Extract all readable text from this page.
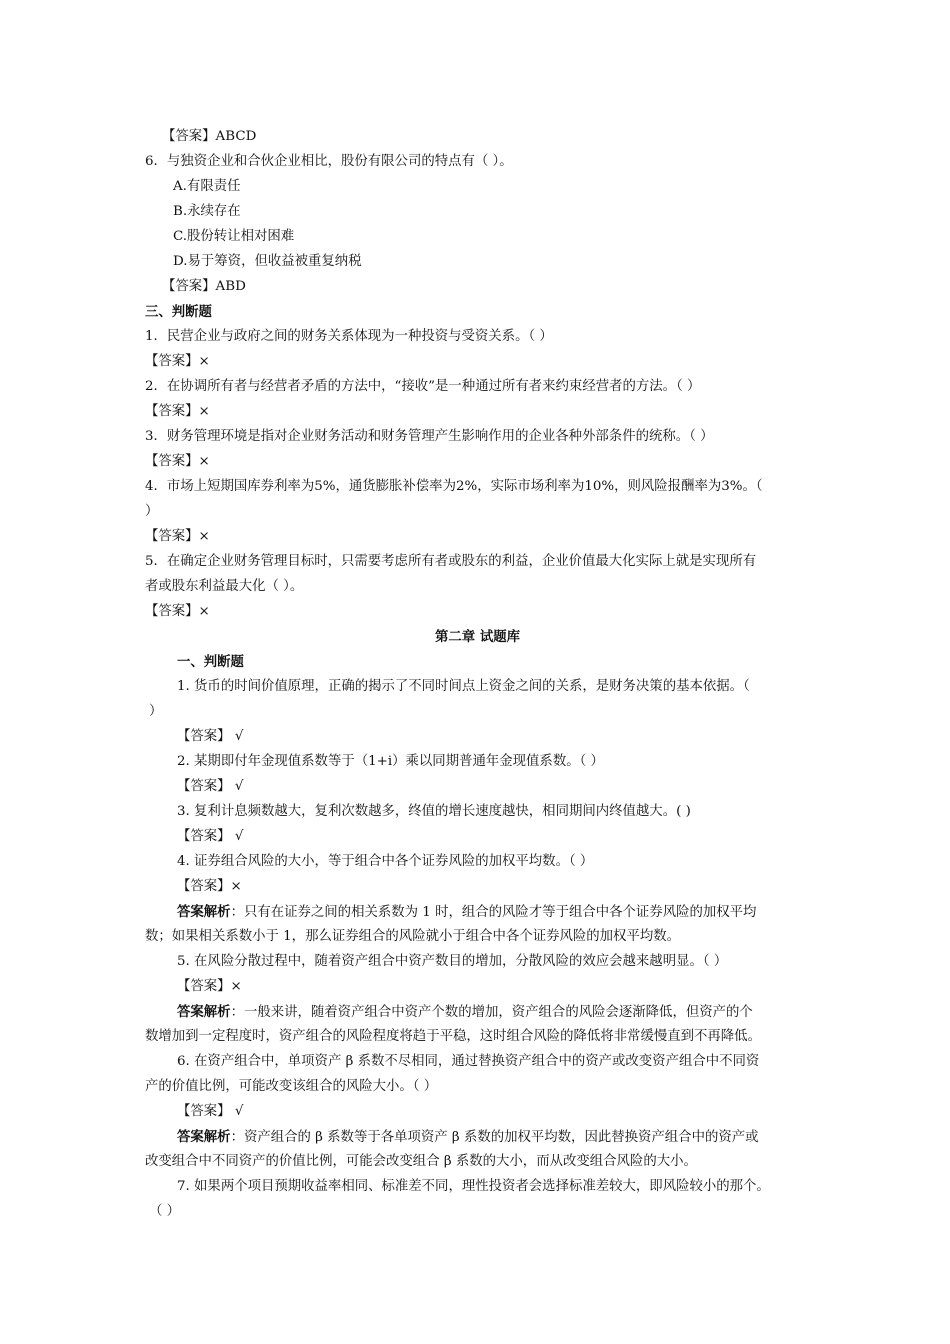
【答案】ABCD
6．与独资企业和合伙企业相比，股份有限公司的特点有（ ）。
A.有限责任
B.永续存在
C.股份转让相对困难
D.易于筹资，但收益被重复纳税
【答案】ABD
三、判断题
1．民营企业与政府之间的财务关系体现为一种投资与受资关系。（ ）
【答案】×
2．在协调所有者与经营者矛盾的方法中，“接收”是一种通过所有者来约束经营者的方法。（ ）
【答案】×
3．财务管理环境是指对企业财务活动和财务管理产生影响作用的企业各种外部条件的统称。（ ）
【答案】×
4．市场上短期国库券利率为5%，通货膨胀补偿率为2%，实际市场利率为10%，则风险报酬率为3%。（
）
【答案】×
5．在确定企业财务管理目标时，只需要考虑所有者或股东的利益，企业价值最大化实际上就是实现所有
者或股东利益最大化（ ）。
【答案】×
第二章 试题库
一、判断题
1. 货币的时间价值原理，正确的揭示了不同时间点上资金之间的关系，是财务决策的基本依据。（
）
【答案】 √
2. 某期即付年金现值系数等于（1+i）乘以同期普通年金现值系数。（ ）
【答案】 √
3. 复利计息频数越大，复利次数越多，终值的增长速度越快，相同期间内终值越大。( )
【答案】 √
4. 证券组合风险的大小，等于组合中各个证券风险的加权平均数。（ ）
【答案】×
答案解析：只有在证券之间的相关系数为 1 时，组合的风险才等于组合中各个证券风险的加权平均
数；如果相关系数小于 1，那么证券组合的风险就小于组合中各个证券风险的加权平均数。
5. 在风险分散过程中，随着资产组合中资产数目的增加，分散风险的效应会越来越明显。（ ）
【答案】×
答案解析：一般来讲，随着资产组合中资产个数的增加，资产组合的风险会逐渐降低，但资产的个
数增加到一定程度时，资产组合的风险程度将趋于平稳，这时组合风险的降低将非常缓慢直到不再降低。
6. 在资产组合中，单项资产 β 系数不尽相同，通过替换资产组合中的资产或改变资产组合中不同资
产的价值比例，可能改变该组合的风险大小。（ ）
【答案】 √
答案解析：资产组合的 β 系数等于各单项资产 β 系数的加权平均数，因此替换资产组合中的资产或
改变组合中不同资产的价值比例，可能会改变组合 β 系数的大小，而从改变组合风险的大小。
7. 如果两个项目预期收益率相同、标准差不同，理性投资者会选择标准差较大，即风险较小的那个。
（ ）
